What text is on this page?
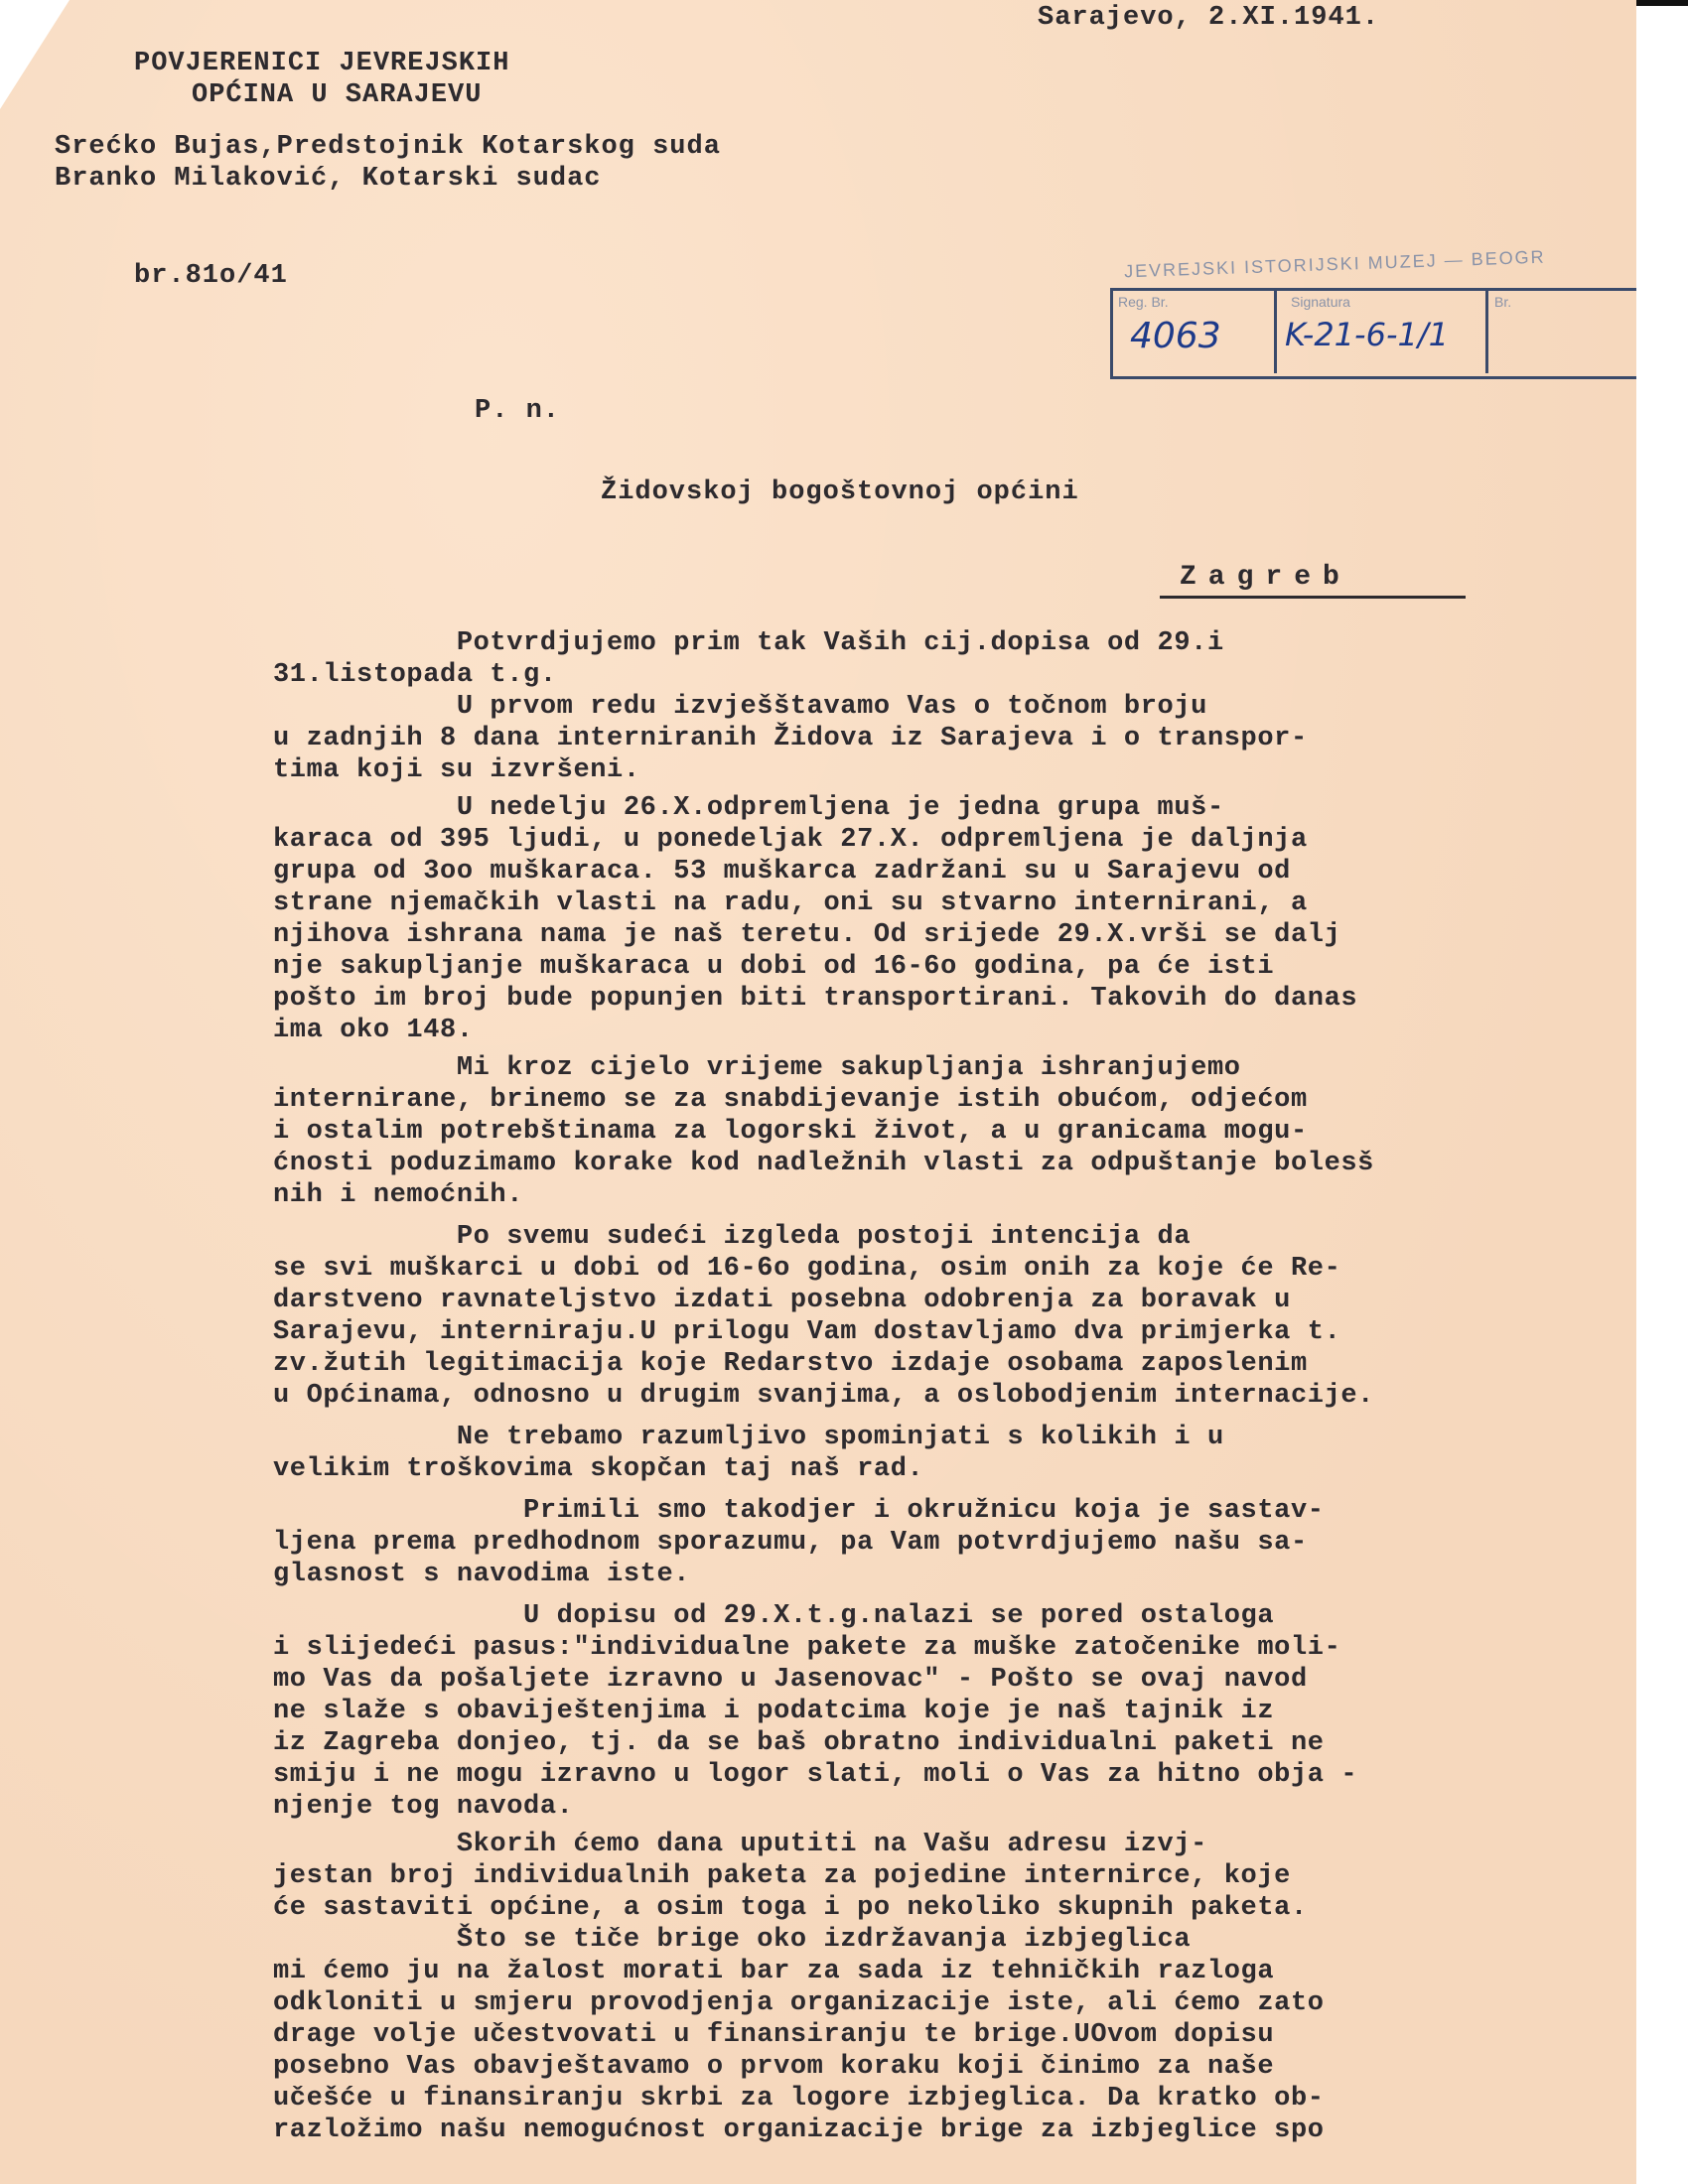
Sarajevo, 2.XI.1941.
POVJERENICI JEVREJSKIH
OPĆINA U SARAJEVU
Srećko Bujas,Predstojnik Kotarskog suda
Branko Milaković, Kotarski sudac
br.81o/41	JEVREJSKI ISTORIJSKI MUZEJ — BEOGR
Reg. Br.	Signatura	Br.
4063 K-21-6-1/1
P. n.
Židovskoj bogoštovnoj općini
Zagreb
Potvrdjujemo prim tak Vaših cij.dopisa od 29.i
31.listopada t.g.
U prvom redu izvješštavamo Vas o točnom broju
u zadnjih 8 dana interniranih Židova iz Sarajeva i o transpor-
tima koji su izvršeni.
U nedelju 26.X.odpremljena je jedna grupa muš-
karaca od 395 ljudi, u ponedeljak 27.X. odpremljena je daljnja
grupa od 3oo muškaraca. 53 muškarca zadržani su u Sarajevu od
strane njemačkih vlasti na radu, oni su stvarno internirani, a
njihova ishrana nama je naš teretu. Od srijede 29.X.vrši se dalj
nje sakupljanje muškaraca u dobi od 16-6o godina, pa će isti
pošto im broj bude popunjen biti transportirani. Takovih do danas
ima oko 148.
Mi kroz cijelo vrijeme sakupljanja ishranjujemo
internirane, brinemo se za snabdijevanje istih obućom, odjećom
i ostalim potrebštinama za logorski život, a u granicama mogu-
ćnosti poduzimamo korake kod nadležnih vlasti za odpuštanje bolesš
nih i nemoćnih.
Po svemu sudeći izgleda postoji intencija da
se svi muškarci u dobi od 16-6o godina, osim onih za koje će Re-
darstveno ravnateljstvo izdati posebna odobrenja za boravak u
Sarajevu, interniraju.U prilogu Vam dostavljamo dva primjerka t.
zv.žutih legitimacija koje Redarstvo izdaje osobama zaposlenim
u Općinama, odnosno u drugim svanjima, a oslobodjenim internacije.
Ne trebamo razumljivo spominjati s kolikih i u
velikim troškovima skopčan taj naš rad.
Primili smo takodjer i okružnicu koja je sastav-
ljena prema predhodnom sporazumu, pa Vam potvrdjujemo našu sa-
glasnost s navodima iste.
U dopisu od 29.X.t.g.nalazi se pored ostaloga
i slijedeći pasus:"individualne pakete za muške zatočenike moli-
mo Vas da pošaljete izravno u Jasenovac" - Pošto se ovaj navod
ne slaže s obaviještenjima i podatcima koje je naš tajnik iz
iz Zagreba donjeo, tj. da se baš obratno individualni paketi ne
smiju i ne mogu izravno u logor slati, moli o Vas za hitno obja -
njenje tog navoda.
Skorih ćemo dana uputiti na Vašu adresu izvj-
jestan broj individualnih paketa za pojedine internirce, koje
će sastaviti općine, a osim toga i po nekoliko skupnih paketa.
Što se tiče brige oko izdržavanja izbjeglica
mi ćemo ju na žalost morati bar za sada iz tehničkih razloga
odkloniti u smjeru provodjenja organizacije iste, ali ćemo zato
drage volje učestvovati u finansiranju te brige.UOvom dopisu
posebno Vas obavještavamo o prvom koraku koji činimo za naše
učešće u finansiranju skrbi za logore izbjeglica. Da kratko ob-
razložimo našu nemogućnost organizacije brige za izbjeglice spo
